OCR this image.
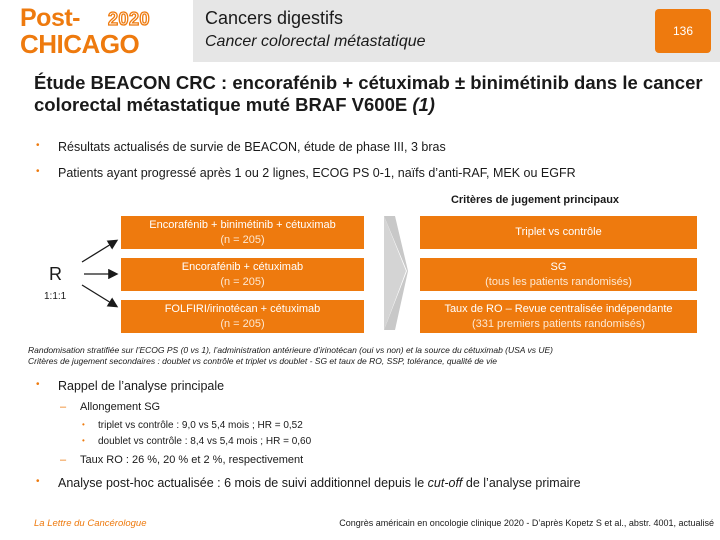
Post- 2020
CHICAGO
Cancers digestifs
Cancer colorectal métastatique
136
Étude BEACON CRC : encorafénib + cétuximab ± binimétinib dans le cancer colorectal métastatique muté BRAF V600E (1)
• Résultats actualisés de survie de BEACON, étude de phase III, 3 bras
• Patients ayant progressé après 1 ou 2 lignes, ECOG PS 0-1, naïfs d’anti-RAF, MEK ou EGFR
Critères de jugement principaux
R
1:1:1
Encorafénib + binimétinib + cétuximab
(n = 205)
Encorafénib + cétuximab
(n = 205)
FOLFIRI/irinotécan + cétuximab
(n = 205)
Triplet vs contrôle
SG
(tous les patients randomisés)
Taux de RO – Revue centralisée indépendante
(331 premiers patients randomisés)
Randomisation stratifiée sur l’ECOG PS (0 vs 1), l’administration antérieure d’irinotécan (oui vs non) et la source du cétuximab (USA vs UE)
Critères de jugement secondaires : doublet vs contrôle et triplet vs doublet - SG et taux de RO, SSP, tolérance, qualité de vie
• Rappel de l’analyse principale
– Allongement SG
• triplet vs contrôle : 9,0 vs 5,4 mois ; HR = 0,52
• doublet vs contrôle : 8,4 vs 5,4 mois ; HR = 0,60
– Taux RO : 26 %, 20 % et 2 %, respectivement
• Analyse post-hoc actualisée : 6 mois de suivi additionnel depuis le cut-off de l’analyse primaire
La Lettre du Cancérologue	Congrès américain en oncologie clinique 2020 - D’après Kopetz S et al., abstr. 4001, actualisé
